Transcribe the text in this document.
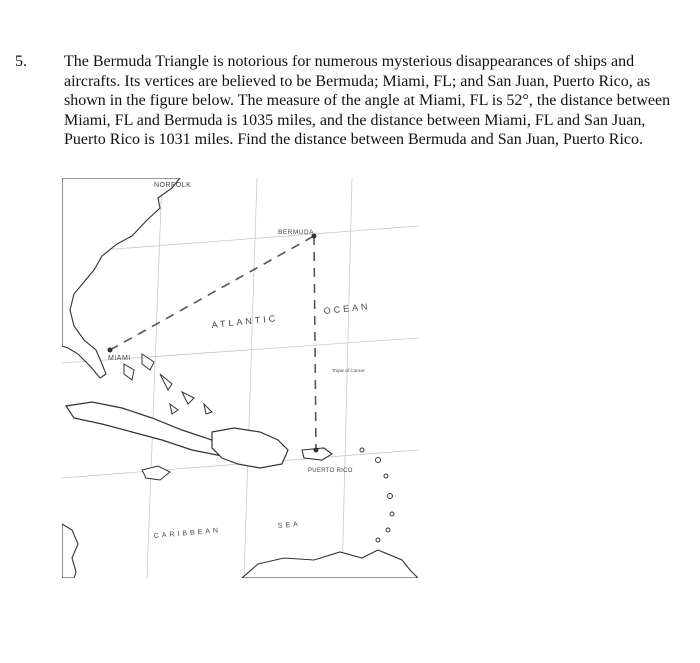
5. The Bermuda Triangle is notorious for numerous mysterious disappearances of ships and aircrafts. Its vertices are believed to be Bermuda; Miami, FL; and San Juan, Puerto Rico, as shown in the figure below. The measure of the angle at Miami, FL is 52°, the distance between Miami, FL and Bermuda is 1035 miles, and the distance between Miami, FL and San Juan, Puerto Rico is 1031 miles. Find the distance between Bermuda and San Juan, Puerto Rico.

NORFOLK
BERMUDA
ATLANTIC
OCEAN
MIAMI
Tropic of Cancer
PUERTO RICO
CARIBBEAN
SEA
